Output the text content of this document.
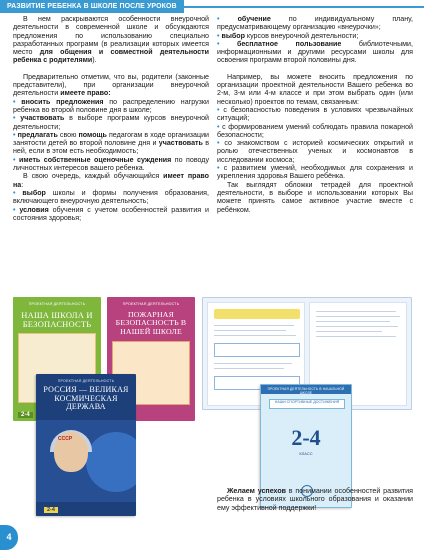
РАЗВИТИЕ РЕБЕНКА В ШКОЛЕ ПОСЛЕ УРОКОВ

В нем раскрываются особенности внеурочной деятельности в современной школе и обсуждаются предложения по использованию специально разработанных программ (в реализации которых имеется место для общения и совместной деятельности ребенка с родителями).

Предварительно отметим, что вы, родители (законные представители), при организации внеурочной деятельности имеете право:

• вносить предложения по распределению нагрузки ребенка во второй половине дня в школе;

• участвовать в выборе программ курсов внеурочной деятельности;

• предлагать свою помощь педагогам в ходе организации занятости детей во второй половине дня и участвовать в ней, если в этом есть необходимость;

• иметь собственные оценочные суждения по поводу личностных интересов вашего ребенка.

В свою очередь, каждый обучающийся имеет право на:

• выбор школы и формы получения образования, включающего внеурочную деятельность;

• условия обучения с учетом особенностей развития и состояния здоровья;

•	обучение по индивидуальному плану, предусматривающему организацию «внеурочки»;

• выбор курсов внеурочной деятельности;

• бесплатное пользование библиотечными, информационными и другими ресурсами школы для освоения программ второй половины дня.

Например, вы можете вносить предложения по организации проектной деятельности Вашего ребенка во 2-м, 3-м или 4-м классе и при этом выбрать один (или несколько) проектов по темам, связанным:

• с безопасностью поведения в условиях чрезвычайных ситуаций;

• с формированием умений соблюдать правила пожарной безопасности;

• со знакомством с историей космических открытий и ролью отечественных ученых и космонавтов в исследовании космоса;

• с развитием умений, необходимых для сохранения и укрепления здоровья Вашего ребёнка.

Так выглядят обложки тетрадей для проектной деятельности, в выборе и использовании которых Вы можете принять самое активное участие вместе с ребёнком.

ПРОЕКТНАЯ ДЕЯТЕЛЬНОСТЬ
НАША ШКОЛА И БЕЗОПАСНОСТЬ
2-4
ПРОЕКТНАЯ ДЕЯТЕЛЬНОСТЬ
ПОЖАРНАЯ БЕЗОПАСНОСТЬ В НАШЕЙ ШКОЛЕ
ПРОЕКТНАЯ ДЕЯТЕЛЬНОСТЬ
РОССИЯ — ВЕЛИКАЯ КОСМИЧЕСКАЯ ДЕРЖАВА
СССР
2-4
ПРОЕКТНАЯ ДЕЯТЕЛЬНОСТЬ В НАЧАЛЬНОЙ ШКОЛЕ
НАШИ СПОРТИВНЫЕ ДОСТИЖЕНИЯ
2-4
КЛАСС

Желаем успехов в понимании особенностей развития ребенка в условиях школьного образования и оказании ему эффективной поддержки!

4
